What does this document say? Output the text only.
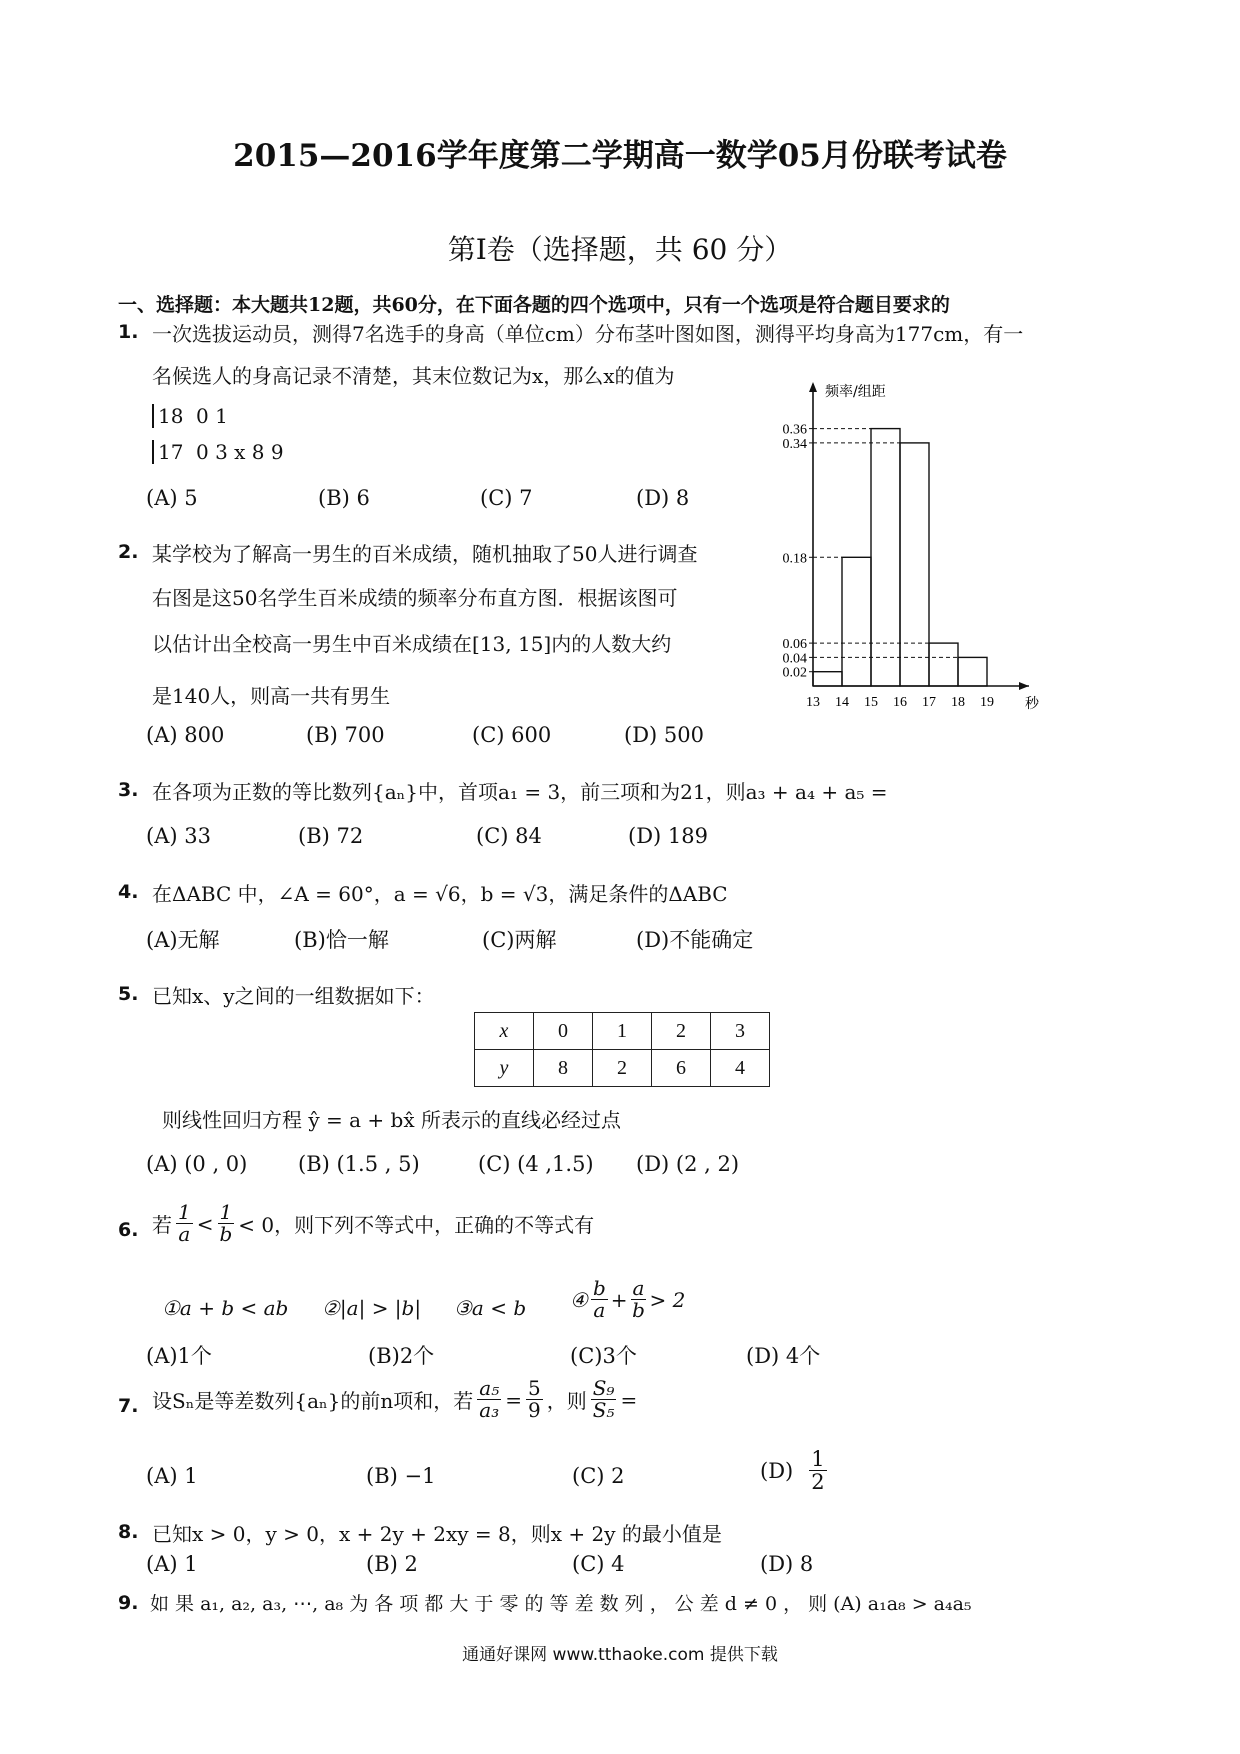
2015—2016学年度第二学期高一数学05月份联考试卷
第Ⅰ卷（选择题，共 60 分）
一、选择题：本大题共12题，共60分，在下面各题的四个选项中，只有一个选项是符合题目要求的
1. 一次选拔运动员，测得7名选手的身高（单位cm）分布茎叶图如图，测得平均身高为177cm，有一
名候选人的身高记录不清楚，其末位数记为x，那么x的值为
18 0 1
17 0 3 x 8 9
(A) 5	(B) 6	(C) 7	(D) 8
频率/组距
0.36
0.34
0.18
0.06
0.04
0.02
13 14 15 16 17 18 19 秒
2. 某学校为了解高一男生的百米成绩，随机抽取了50人进行调查
右图是这50名学生百米成绩的频率分布直方图．根据该图可
以估计出全校高一男生中百米成绩在[13, 15]内的人数大约
是140人，则高一共有男生
(A) 800	(B) 700	(C) 600	(D) 500
3. 在各项为正数的等比数列{aₙ}中，首项a₁ = 3，前三项和为21，则a₃ + a₄ + a₅ =
(A) 33	(B) 72	(C) 84	(D) 189
4. 在ΔABC 中，∠A = 60°，a = √6，b = √3，满足条件的ΔABC
(A)无解	(B)恰一解	(C)两解	(D)不能确定
5. 已知x、y之间的一组数据如下：
x	0	1	2	3
y	8	2	6	4
则线性回归方程 ŷ = a + bx̂ 所表示的直线必经过点
(A) (0 , 0) (B) (1.5 , 5)	(C) (4 ,1.5) (D) (2 , 2)
6. 若 $\frac{1}{a} < \frac{1}{b} < 0$，则下列不等式中，正确的不等式有
①a + b < ab ②|a| > |b| ③a < b ④ $\frac{b}{a} + \frac{a}{b} > 2$
(A)1个	(B)2个	(C)3个	(D) 4个
7. 设Sₙ是等差数列{aₙ}的前n项和，若 $\frac{\text{a₅}}{\text{a₃}} = \frac{5}{9}$ ，则 $\frac{\text{S₉}}{\text{S₅}}$ =
(A) 1	(B) −1	(C) 2	$(D) \frac{1}{2}$
8. 已知x > 0，y > 0，x + 2y + 2xy = 8，则x + 2y 的最小值是
(A) 1	(B) 2	(C) 4	(D) 8
9. 如 果 a₁, a₂, a₃, ⋯, a₈ 为 各 项 都 大 于 零 的 等 差 数 列 ， 公 差 d ≠ 0 ， 则 (A) a₁a₈ > a₄a₅
通通好课网 www.tthaoke.com 提供下载
